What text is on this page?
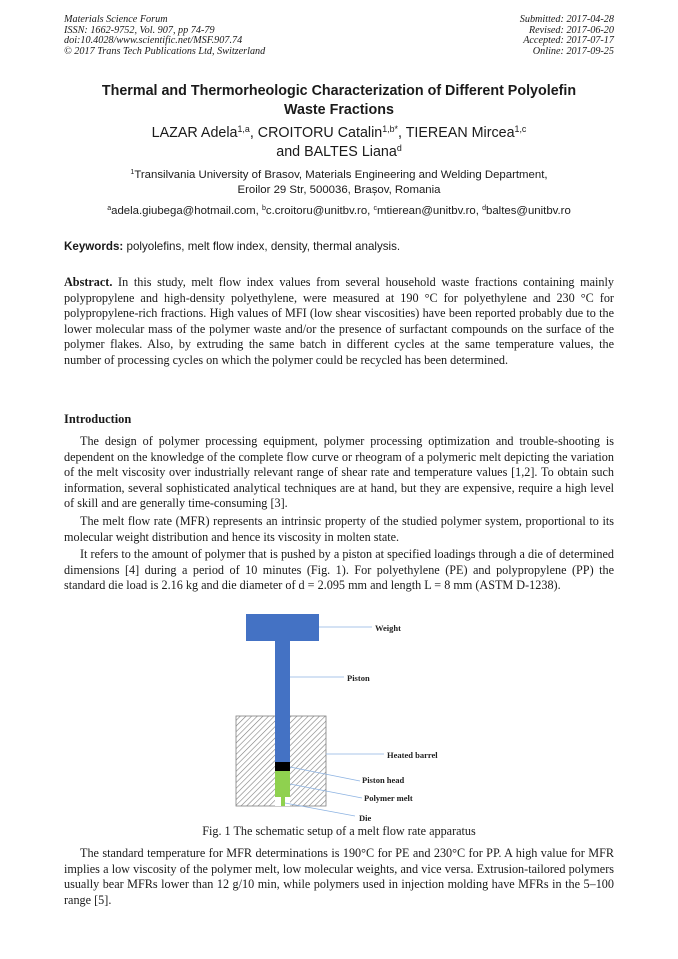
Materials Science Forum
ISSN: 1662-9752, Vol. 907, pp 74-79
doi:10.4028/www.scientific.net/MSF.907.74
© 2017 Trans Tech Publications Ltd, Switzerland
Submitted: 2017-04-28
Revised: 2017-06-20
Accepted: 2017-07-17
Online: 2017-09-25
Thermal and Thermorheologic Characterization of Different Polyolefin
Waste Fractions
LAZAR Adela$^{1,a}$, CROITORU Catalin$^{1,b*}$, TIEREAN Mircea$^{1,c}$
and BALTES Liana$^d$
$^1$Transilvania University of Brasov, Materials Engineering and Welding Department,
Eroilor 29 Str, 500036, Brașov, Romania
$^a$adela.giubega@hotmail.com, $^b$c.croitoru@unitbv.ro, $^c$mtierean@unitbv.ro, $^d$baltes@unitbv.ro
Keywords: polyolefins, melt flow index, density, thermal analysis.
Abstract. In this study, melt flow index values from several household waste fractions containing mainly polypropylene and high-density polyethylene, were measured at 190 °C for polyethylene and 230 °C for polypropylene-rich fractions. High values of MFI (low shear viscosities) have been reported probably due to the lower molecular mass of the polymer waste and/or the presence of surfactant compounds on the surface of the polymer flakes. Also, by extruding the same batch in different cycles at the same temperature values, the number of processing cycles on which the polymer could be recycled has been determined.
Introduction
The design of polymer processing equipment, polymer processing optimization and trouble-shooting is dependent on the knowledge of the complete flow curve or rheogram of a polymeric melt depicting the variation of the melt viscosity over industrially relevant range of shear rate and temperature values [1,2]. To obtain such information, several sophisticated analytical techniques are at hand, but they are expensive, require a high level of skill and are generally time-consuming [3].
The melt flow rate (MFR) represents an intrinsic property of the studied polymer system, proportional to its molecular weight distribution and hence its viscosity in molten state.
It refers to the amount of polymer that is pushed by a piston at specified loadings through a die of determined dimensions [4] during a period of 10 minutes (Fig. 1). For polyethylene (PE) and polypropylene (PP) the standard die load is 2.16 kg and die diameter of d = 2.095 mm and length L = 8 mm (ASTM D-1238).
Weight
Piston
Heated barrel
Piston head
Polymer melt
Die
Fig. 1 The schematic setup of a melt flow rate apparatus
The standard temperature for MFR determinations is 190°C for PE and 230°C for PP. A high value for MFR implies a low viscosity of the polymer melt, low molecular weights, and vice versa. Extrusion-tailored polymers usually bear MFRs lower than 12 g/10 min, while polymers used in injection molding have MFRs in the 5–100 range [5].
